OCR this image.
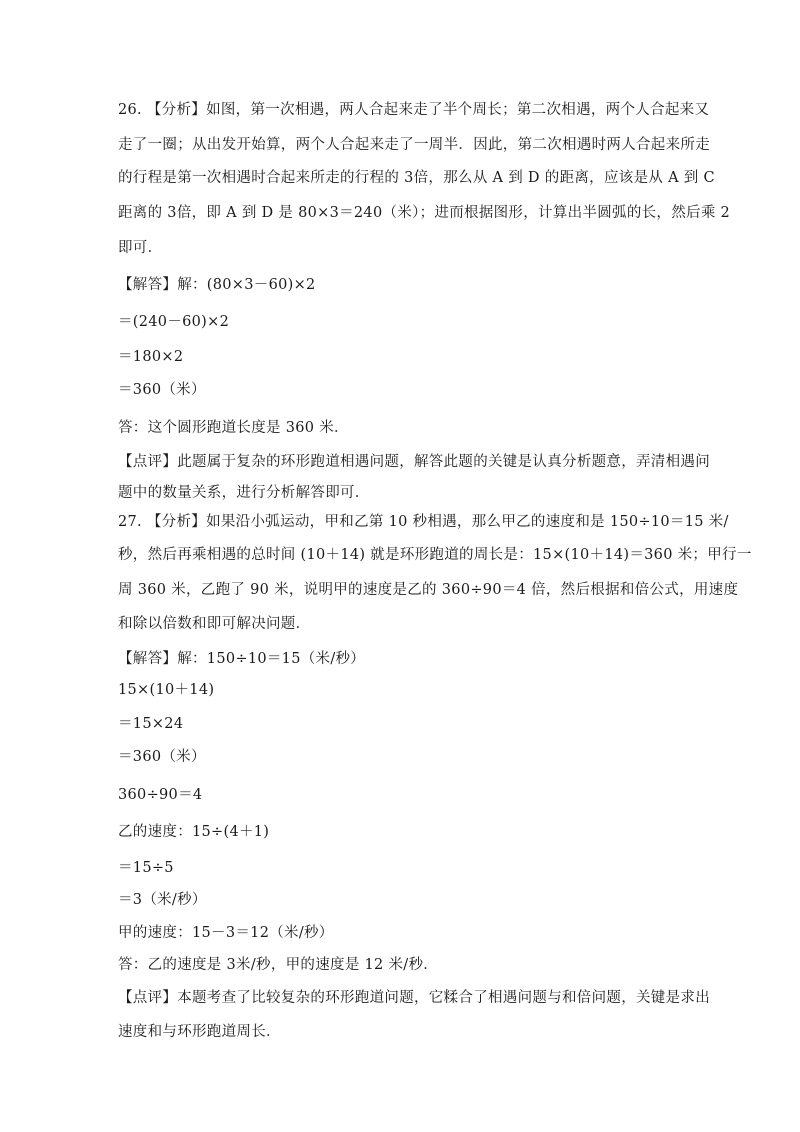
26. 【分析】如图，第一次相遇，两人合起来走了半个周长；第二次相遇，两个人合起来又
走了一圈；从出发开始算，两个人合起来走了一周半．因此，第二次相遇时两人合起来所走
的行程是第一次相遇时合起来所走的行程的 3倍，那么从 A 到 D 的距离，应该是从 A 到 C
距离的 3倍，即 A 到 D 是 80×3＝240（米）；进而根据图形，计算出半圆弧的长，然后乘 2
即可．
【解答】解：(80×3－60)×2
＝(240－60)×2
＝180×2
＝360（米）
答：这个圆形跑道长度是 360 米．
【点评】此题属于复杂的环形跑道相遇问题，解答此题的关键是认真分析题意，弄清相遇问
题中的数量关系，进行分析解答即可．
27. 【分析】如果沿小弧运动，甲和乙第 10 秒相遇，那么甲乙的速度和是 150÷10＝15 米/
秒，然后再乘相遇的总时间 (10＋14) 就是环形跑道的周长是：15×(10＋14)＝360 米；甲行一
周 360 米，乙跑了 90 米，说明甲的速度是乙的 360÷90＝4 倍，然后根据和倍公式，用速度
和除以倍数和即可解决问题．
【解答】解：150÷10＝15（米/秒）
15×(10＋14)
＝15×24
＝360（米）
360÷90＝4
乙的速度：15÷(4＋1)
＝15÷5
＝3（米/秒）
甲的速度：15－3＝12（米/秒）
答：乙的速度是 3米/秒，甲的速度是 12 米/秒．
【点评】本题考查了比较复杂的环形跑道问题，它糅合了相遇问题与和倍问题，关键是求出
速度和与环形跑道周长．
